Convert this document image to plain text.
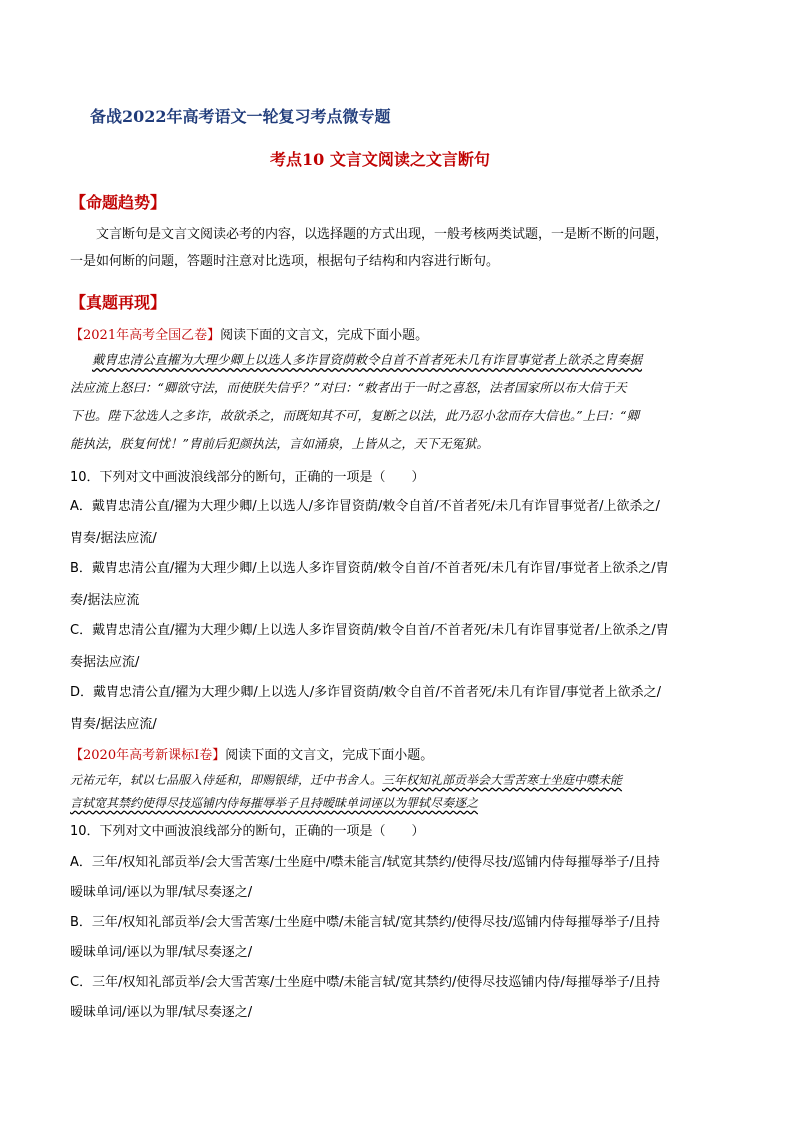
备战2022年高考语文一轮复习考点微专题
考点10 文言文阅读之文言断句
【命题趋势】
文言断句是文言文阅读必考的内容，以选择题的方式出现，一般考核两类试题，一是断不断的问题，
一是如何断的问题，答题时注意对比选项，根据句子结构和内容进行断句。
【真题再现】
【2021年高考全国乙卷】阅读下面的文言文，完成下面小题。
戴胄忠清公直擢为大理少卿上以选人多诈冒资荫敕令自首不首者死未几有诈冒事觉者上欲杀之胄奏据
法应流上怒曰：“卿欲守法，而使朕失信乎？”对曰：“敕者出于一时之喜怒，法者国家所以布大信于天
下也。陛下忿选人之多诈，故欲杀之，而既知其不可，复断之以法，此乃忍小忿而存大信也。”上曰：“卿
能执法，朕复何忧！”胄前后犯颜执法，言如涌泉，上皆从之，天下无冤狱。
10．下列对文中画波浪线部分的断句，正确的一项是（　　）
A．戴胄忠清公直/擢为大理少卿/上以选人/多诈冒资荫/敕令自首/不首者死/未几有诈冒事觉者/上欲杀之/
胄奏/据法应流/
B．戴胄忠清公直/擢为大理少卿/上以选人多诈冒资荫/敕令自首/不首者死/未几有诈冒/事觉者上欲杀之/胄
奏/据法应流
C．戴胄忠清公直/擢为大理少卿/上以选人多诈冒资荫/敕令自首/不首者死/未几有诈冒事觉者/上欲杀之/胄
奏据法应流/
D．戴胄忠清公直/擢为大理少卿/上以选人/多诈冒资荫/敕令自首/不首者死/未几有诈冒/事觉者上欲杀之/
胄奏/据法应流/
【2020年高考新课标Ⅰ卷】阅读下面的文言文，完成下面小题。
元祐元年，轼以七品服入侍延和，即赐银绯，迁中书舍人。三年权知礼部贡举会大雪苦寒士坐庭中噤未能
言轼宽其禁约使得尽技巡铺内侍每摧辱举子且持暧昧单词诬以为罪轼尽奏逐之
10．下列对文中画波浪线部分的断句，正确的一项是（　　）
A．三年/权知礼部贡举/会大雪苦寒/士坐庭中/噤未能言/轼宽其禁约/使得尽技/巡铺内侍每摧辱举子/且持
暧昧单词/诬以为罪/轼尽奏逐之/
B．三年/权知礼部贡举/会大雪苦寒/士坐庭中噤/未能言轼/宽其禁约/使得尽技/巡铺内侍每摧辱举子/且持
暧昧单词/诬以为罪/轼尽奏逐之/
C．三年/权知礼部贡举/会大雪苦寒/士坐庭中噤/未能言轼/宽其禁约/使得尽技巡铺内侍/每摧辱举子/且持
暧昧单词/诬以为罪/轼尽奏逐之/
